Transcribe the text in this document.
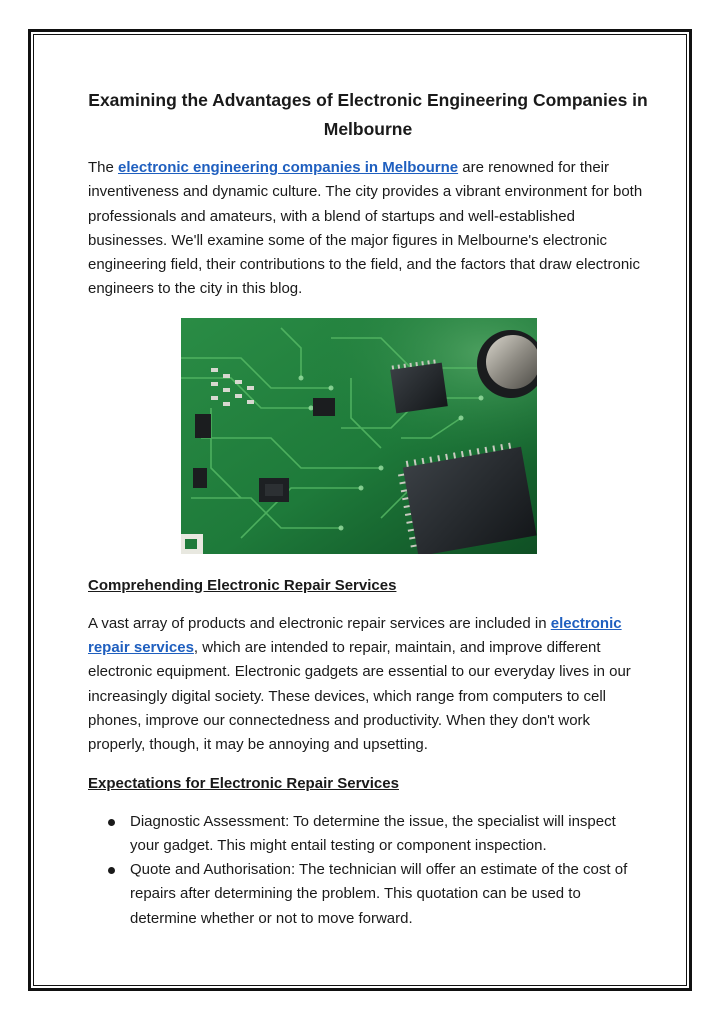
Examining the Advantages of Electronic Engineering Companies in Melbourne

The electronic engineering companies in Melbourne are renowned for their inventiveness and dynamic culture. The city provides a vibrant environment for both professionals and amateurs, with a blend of startups and well-established businesses. We'll examine some of the major figures in Melbourne's electronic engineering field, their contributions to the field, and the factors that draw electronic engineers to the city in this blog.

Comprehending Electronic Repair Services

A vast array of products and electronic repair services are included in electronic repair services, which are intended to repair, maintain, and improve different electronic equipment. Electronic gadgets are essential to our everyday lives in our increasingly digital society. These devices, which range from computers to cell phones, improve our connectedness and productivity. When they don't work properly, though, it may be annoying and upsetting.

Expectations for Electronic Repair Services
Diagnostic Assessment: To determine the issue, the specialist will inspect your gadget. This might entail testing or component inspection.
Quote and Authorisation: The technician will offer an estimate of the cost of repairs after determining the problem. This quotation can be used to determine whether or not to move forward.
